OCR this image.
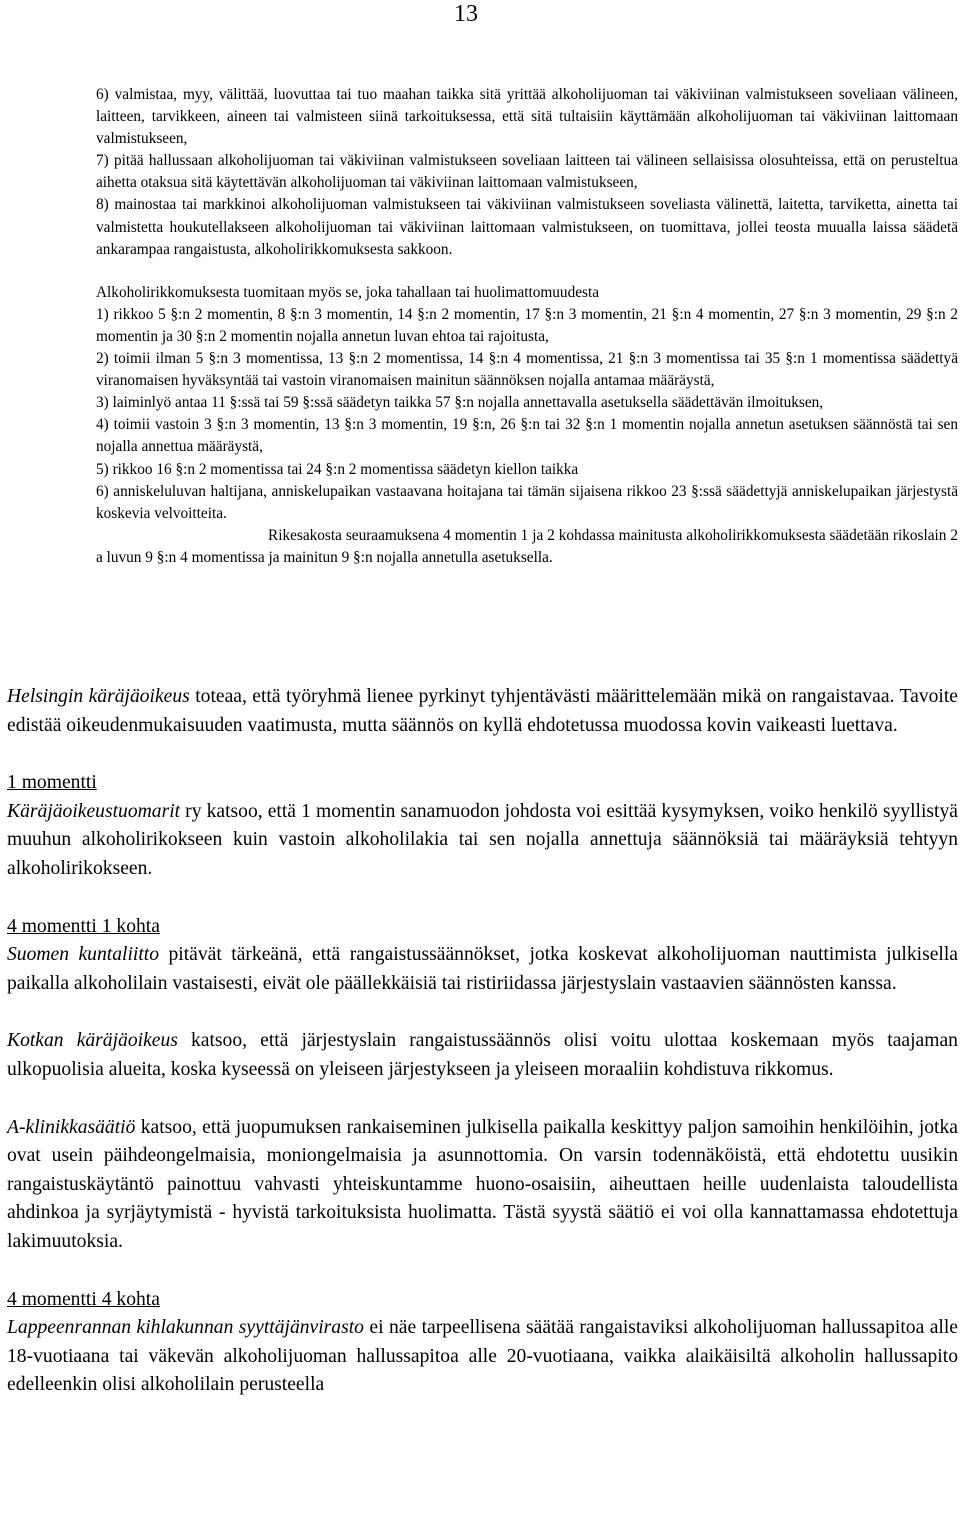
13

6) valmistaa, myy, välittää, luovuttaa tai tuo maahan taikka sitä yrittää alkoholijuoman tai väkiviinan valmistukseen soveliaan välineen, laitteen, tarvikkeen, aineen tai valmisteen siinä tarkoituksessa, että sitä tultaisiin käyttämään alkoholijuoman tai väkiviinan laittomaan valmistukseen,

7) pitää hallussaan alkoholijuoman tai väkiviinan valmistukseen soveliaan laitteen tai välineen sellaisissa olosuhteissa, että on perusteltua aihetta otaksua sitä käytettävän alkoholijuoman tai väkiviinan laittomaan valmistukseen,

8) mainostaa tai markkinoi alkoholijuoman valmistukseen tai väkiviinan valmistukseen soveliasta välinettä, laitetta, tarviketta, ainetta tai valmistetta houkutellakseen alkoholijuoman tai väkiviinan laittomaan valmistukseen, on tuomittava, jollei teosta muualla laissa säädetä ankarampaa rangaistusta, alkoholirikkomuksesta sakkoon.

Alkoholirikkomuksesta tuomitaan myös se, joka tahallaan tai huolimattomuudesta

1) rikkoo 5 §:n 2 momentin, 8 §:n 3 momentin, 14 §:n 2 momentin, 17 §:n 3 momentin, 21 §:n 4 momentin, 27 §:n 3 momentin, 29 §:n 2 momentin ja 30 §:n 2 momentin nojalla annetun luvan ehtoa tai rajoitusta,

2) toimii ilman 5 §:n 3 momentissa, 13 §:n 2 momentissa, 14 §:n 4 momentissa, 21 §:n 3 momentissa tai 35 §:n 1 momentissa säädettyä viranomaisen hyväksyntää tai vastoin viranomaisen mainitun säännöksen nojalla antamaa määräystä,

3) laiminlyö antaa 11 §:ssä tai 59 §:ssä säädetyn taikka 57 §:n nojalla annettavalla asetuksella säädettävän ilmoituksen,

4) toimii vastoin 3 §:n 3 momentin, 13 §:n 3 momentin, 19 §:n, 26 §:n tai 32 §:n 1 momentin nojalla annetun asetuksen säännöstä tai sen nojalla annettua määräystä,

5) rikkoo 16 §:n 2 momentissa tai 24 §:n 2 momentissa säädetyn kiellon taikka

6) anniskeluluvan haltijana, anniskelupaikan vastaavana hoitajana tai tämän sijaisena rikkoo 23 §:ssä säädettyjä anniskelupaikan järjestystä koskevia velvoitteita.

Rikesakosta seuraamuksena 4 momentin 1 ja 2 kohdassa mainitusta alkoholirikkomuksesta säädetään rikoslain 2 a luvun 9 §:n 4 momentissa ja mainitun 9 §:n nojalla annetulla asetuksella.

Helsingin käräjäoikeus toteaa, että työryhmä lienee pyrkinyt tyhjentävästi määrittelemään mikä on rangaistavaa. Tavoite edistää oikeudenmukaisuuden vaatimusta, mutta säännös on kyllä ehdotetussa muodossa kovin vaikeasti luettava.

1 momentti
Käräjäoikeustuomarit ry katsoo, että 1 momentin sanamuodon johdosta voi esittää kysymyksen, voiko henkilö syyllistyä muuhun alkoholirikokseen kuin vastoin alkoholilakia tai sen nojalla annettuja säännöksiä tai määräyksiä tehtyyn alkoholirikokseen.

4 momentti 1 kohta
Suomen kuntaliitto pitävät tärkeänä, että rangaistussäännökset, jotka koskevat alkoholijuoman nauttimista julkisella paikalla alkoholilain vastaisesti, eivät ole päällekkäisiä tai ristiriidassa järjestyslain vastaavien säännösten kanssa.

Kotkan käräjäoikeus katsoo, että järjestyslain rangaistussäännös olisi voitu ulottaa koskemaan myös taajaman ulkopuolisia alueita, koska kyseessä on yleiseen järjestykseen ja yleiseen moraaliin kohdistuva rikkomus.

A-klinikkasäätiö katsoo, että juopumuksen rankaiseminen julkisella paikalla keskittyy paljon samoihin henkilöihin, jotka ovat usein päihdeongelmaisia, moniongelmaisia ja asunnottomia. On varsin todennäköistä, että ehdotettu uusikin rangaistuskäytäntö painottuu vahvasti yhteiskuntamme huono-osaisiin, aiheuttaen heille uudenlaista taloudellista ahdinkoa ja syrjäytymistä - hyvistä tarkoituksista huolimatta. Tästä syystä säätiö ei voi olla kannattamassa ehdotettuja lakimuutoksia.

4 momentti 4 kohta
Lappeenrannan kihlakunnan syyttäjänvirasto ei näe tarpeellisena säätää rangaistaviksi alkoholijuoman hallussapitoa alle 18-vuotiaana tai väkevän alkoholijuoman hallussapitoa alle 20-vuotiaana, vaikka alaikäisiltä alkoholin hallussapito edelleenkin olisi alkoholilain perusteella
